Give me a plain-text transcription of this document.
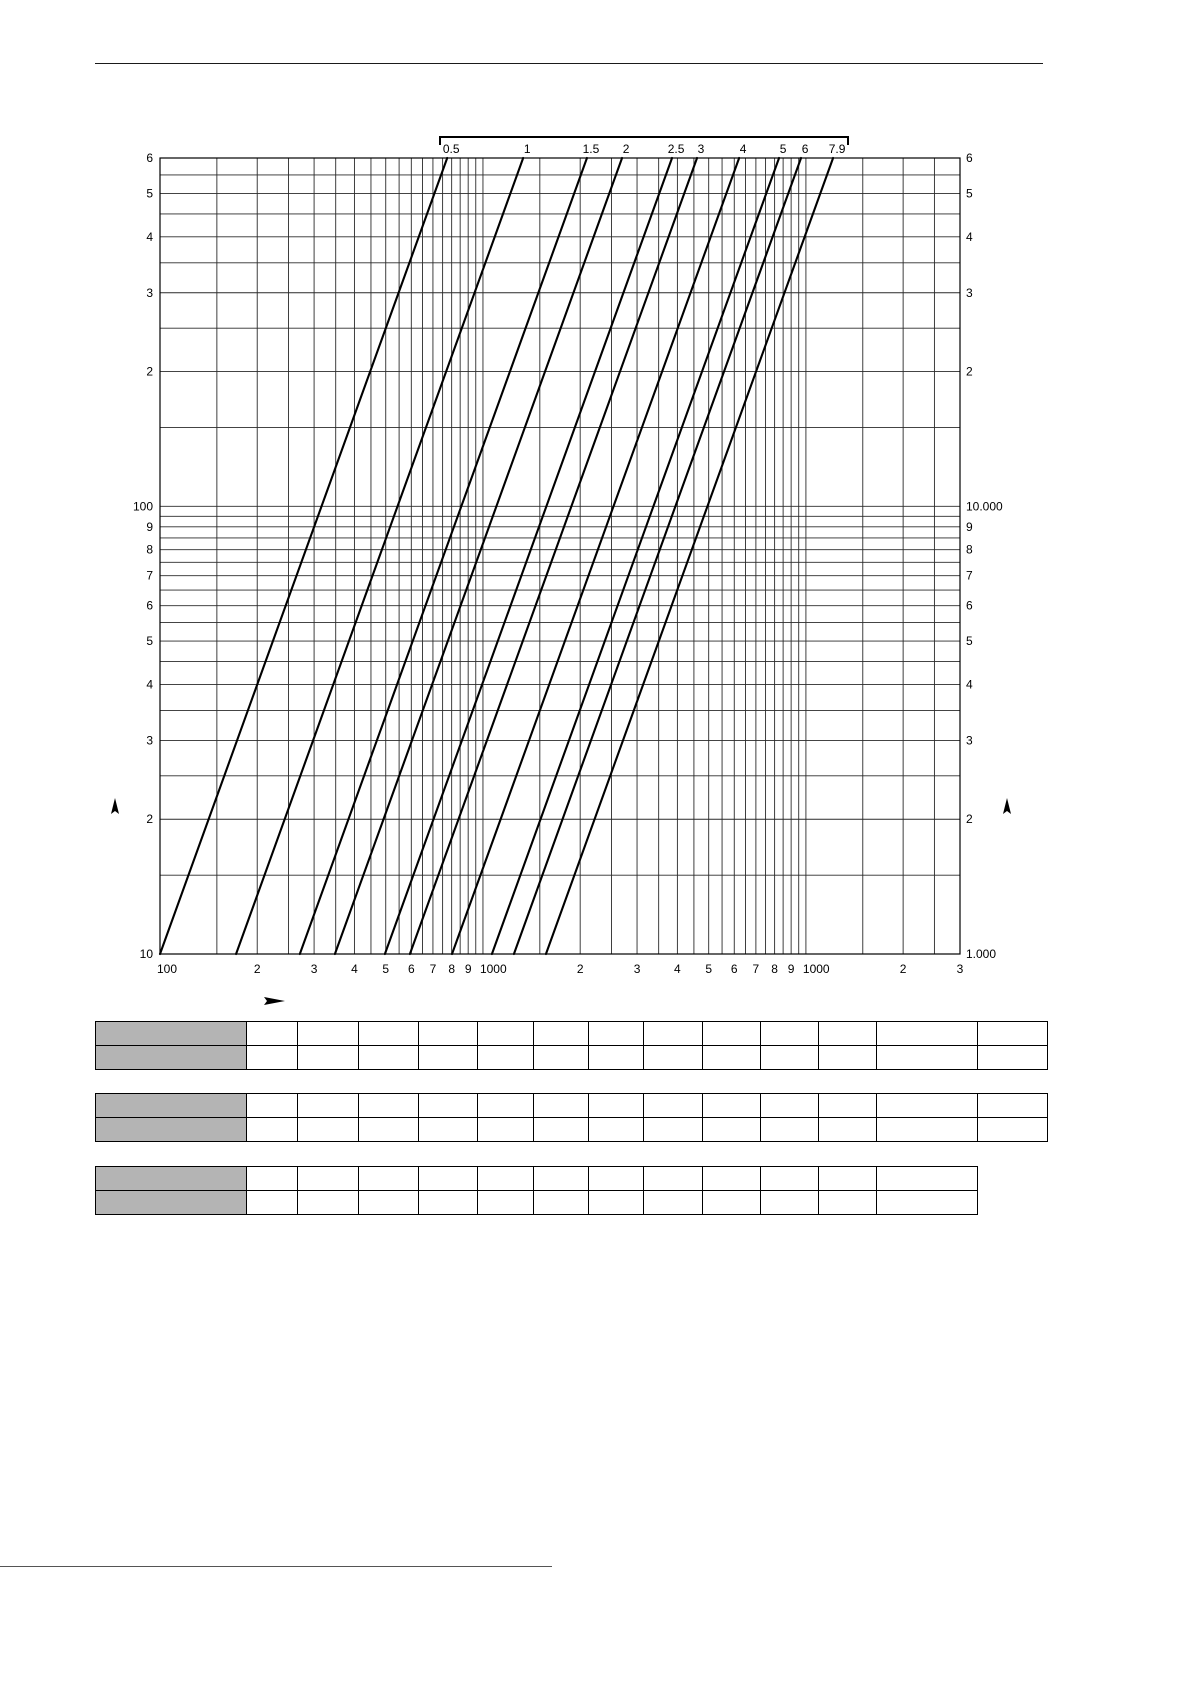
0.5	1	1.5 2	2.5 3	4	5 6 7.9
100	2	3	4 5 6 7 8 9 1000	2	3	4 5 6 7 8 9 1000	2	3
6
5
4
3
2
100
9
8
7
6
5
4
3
2
10
6
5
4
3
2
10.000
9
8
7
6
5
4
3
2
1.000
